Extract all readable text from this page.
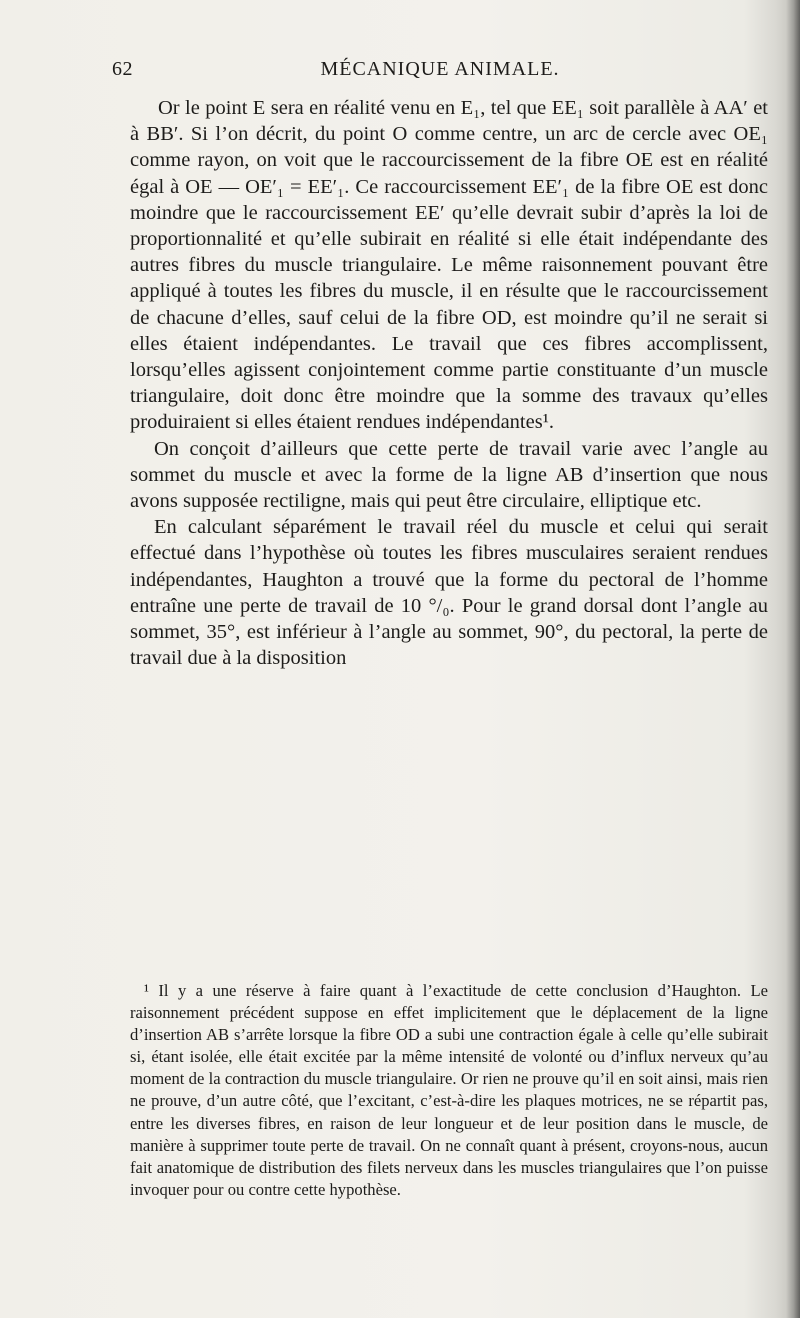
62	MÉCANIQUE ANIMALE.

Or le point E sera en réalité venu en E₁, tel que EE₁ soit parallèle à AA′ et à BB′. Si l’on décrit, du point O comme centre, un arc de cercle avec OE₁ comme rayon, on voit que le raccourcissement de la fibre OE est en réalité égal à OE — OE′₁ = EE′₁. Ce raccourcissement EE′₁ de la fibre OE est donc moindre que le raccourcissement EE′ qu’elle devrait subir d’après la loi de proportionnalité et qu’elle subirait en réalité si elle était indépendante des autres fibres du muscle triangulaire. Le même raisonnement pouvant être appliqué à toutes les fibres du muscle, il en résulte que le raccourcissement de chacune d’elles, sauf celui de la fibre OD, est moindre qu’il ne serait si elles étaient indépendantes. Le travail que ces fibres accomplissent, lorsqu’elles agissent conjointement comme partie constituante d’un muscle triangulaire, doit donc être moindre que la somme des travaux qu’elles produiraient si elles étaient rendues indépendantes¹.

On conçoit d’ailleurs que cette perte de travail varie avec l’angle au sommet du muscle et avec la forme de la ligne AB d’insertion que nous avons supposée rectiligne, mais qui peut être circulaire, elliptique etc.

En calculant séparément le travail réel du muscle et celui qui serait effectué dans l’hypothèse où toutes les fibres musculaires seraient rendues indépendantes, Haughton a trouvé que la forme du pectoral de l’homme entraîne une perte de travail de 10 °/₀. Pour le grand dorsal dont l’angle au sommet, 35°, est inférieur à l’angle au sommet, 90°, du pectoral, la perte de travail due à la disposition

¹ Il y a une réserve à faire quant à l’exactitude de cette conclusion d’Haughton. Le raisonnement précédent suppose en effet implicitement que le déplacement de la ligne d’insertion AB s’arrête lorsque la fibre OD a subi une contraction égale à celle qu’elle subirait si, étant isolée, elle était excitée par la même intensité de volonté ou d’influx nerveux qu’au moment de la contraction du muscle triangulaire. Or rien ne prouve qu’il en soit ainsi, mais rien ne prouve, d’un autre côté, que l’excitant, c’est-à-dire les plaques motrices, ne se répartit pas, entre les diverses fibres, en raison de leur longueur et de leur position dans le muscle, de manière à supprimer toute perte de travail. On ne connaît quant à présent, croyons-nous, aucun fait anatomique de distribution des filets nerveux dans les muscles triangulaires que l’on puisse invoquer pour ou contre cette hypothèse.
